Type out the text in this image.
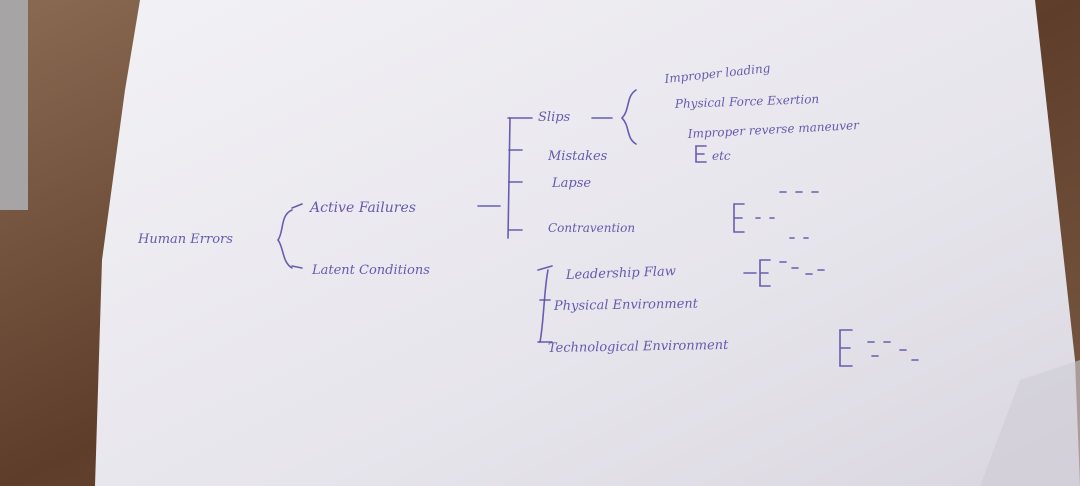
Human Errors
Active Failures
Slips
Improper loading
Physical Force Exertion
Improper reverse maneuver
Mistakes	etc
Lapse
Contravention
Latent Conditions	Leadership Flaw
Physical Environment
Technological Environment
